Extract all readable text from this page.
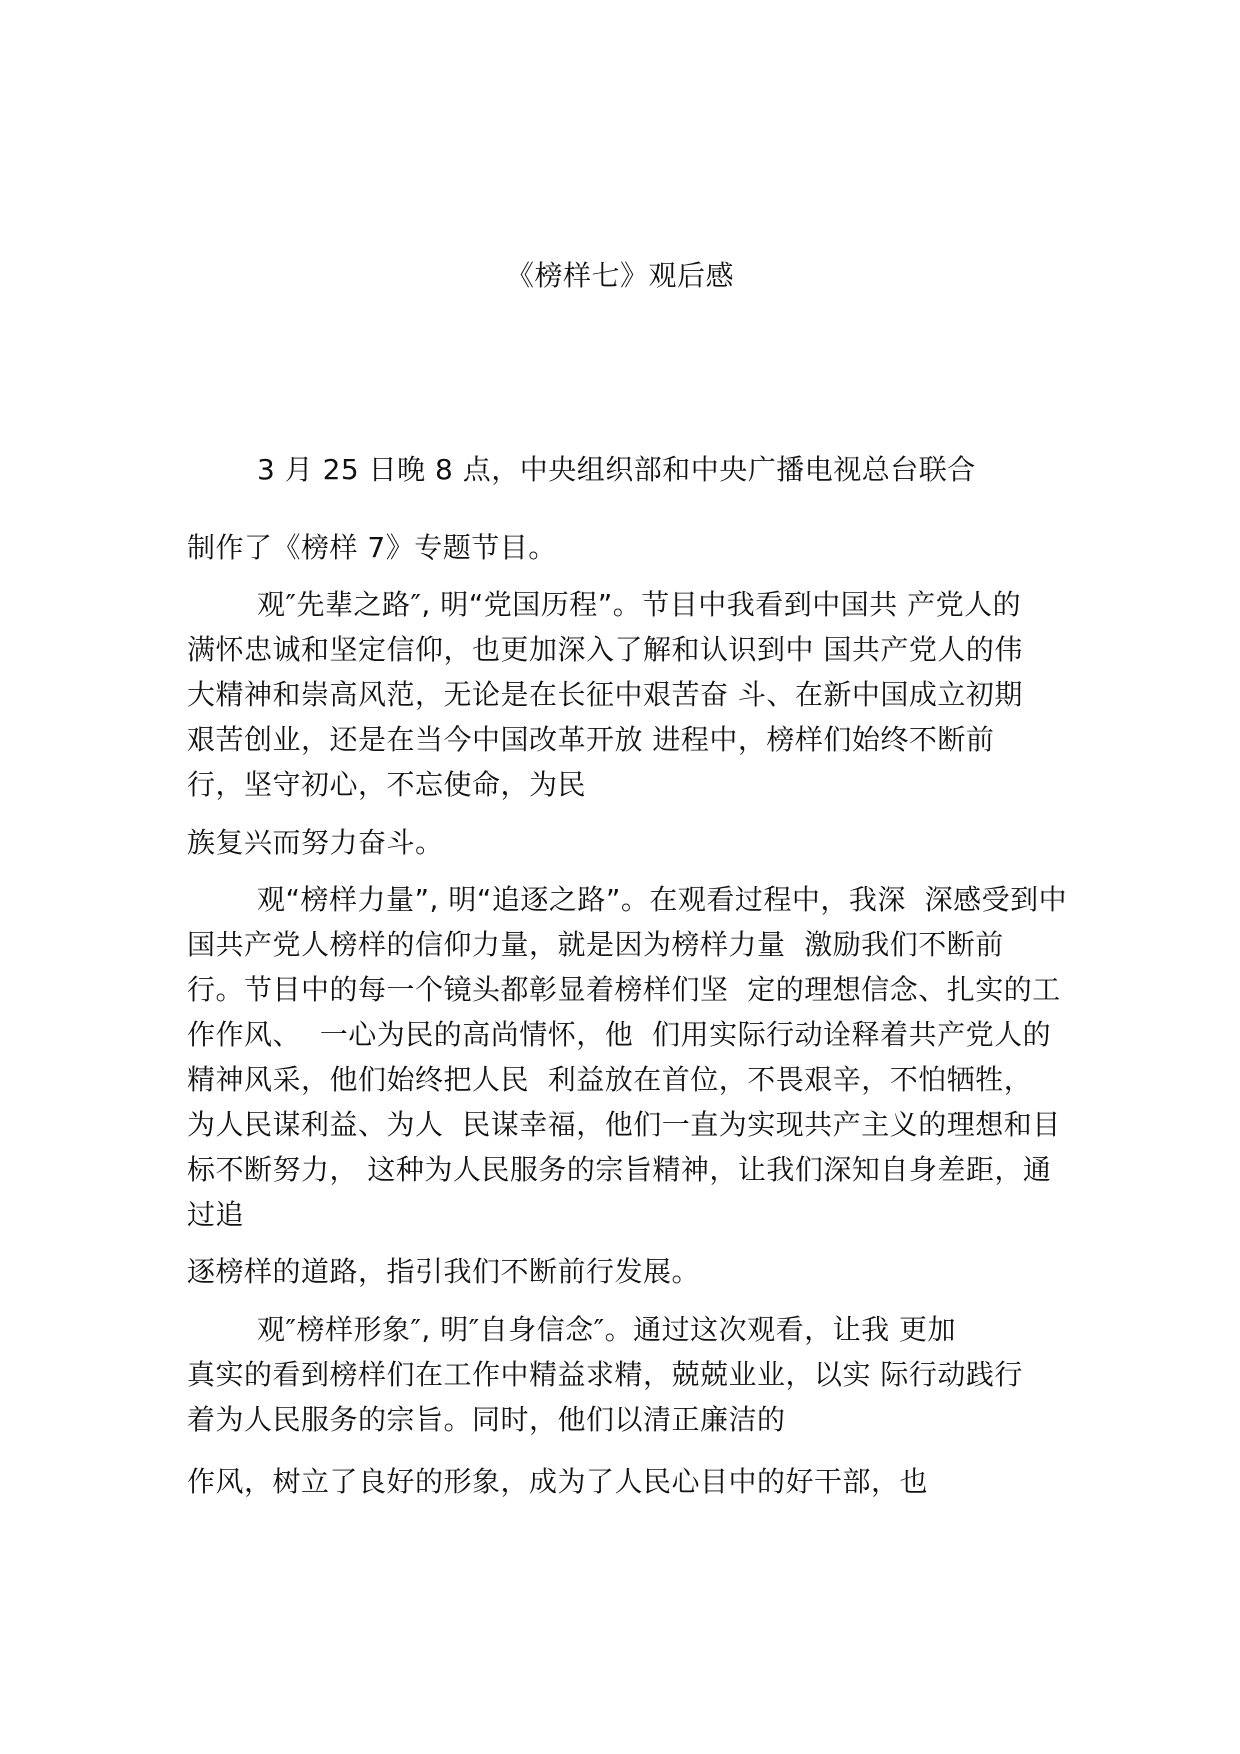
《榜样七》观后感
3 月 25 日晚 8 点，中央组织部和中央广播电视总台联合
制作了《榜样 7》专题节目。
观″先辈之路″, 明“党国历程”。节目中我看到中国共 产党人的
满怀忠诚和坚定信仰，也更加深入了解和认识到中 国共产党人的伟
大精神和崇高风范，无论是在长征中艰苦奋 斗、在新中国成立初期
艰苦创业，还是在当今中国改革开放 进程中，榜样们始终不断前
行，坚守初心，不忘使命，为民
族复兴而努力奋斗。
观“榜样力量”, 明“追逐之路”。在观看过程中，我深  深感受到中
国共产党人榜样的信仰力量，就是因为榜样力量  激励我们不断前
行。节目中的每一个镜头都彰显着榜样们坚  定的理想信念、扎实的工
作作风、  一心为民的高尚情怀，他  们用实际行动诠释着共产党人的
精神风采，他们始终把人民  利益放在首位，不畏艰辛，不怕牺牲，
为人民谋利益、为人  民谋幸福，他们一直为实现共产主义的理想和目
标不断努力， 这种为人民服务的宗旨精神，让我们深知自身差距，通
过追
逐榜样的道路，指引我们不断前行发展。
观″榜样形象″, 明″自身信念″。通过这次观看，让我 更加
真实的看到榜样们在工作中精益求精，兢兢业业，以实 际行动践行
着为人民服务的宗旨。同时，他们以清正廉洁的
作风，树立了良好的形象，成为了人民心目中的好干部，也
